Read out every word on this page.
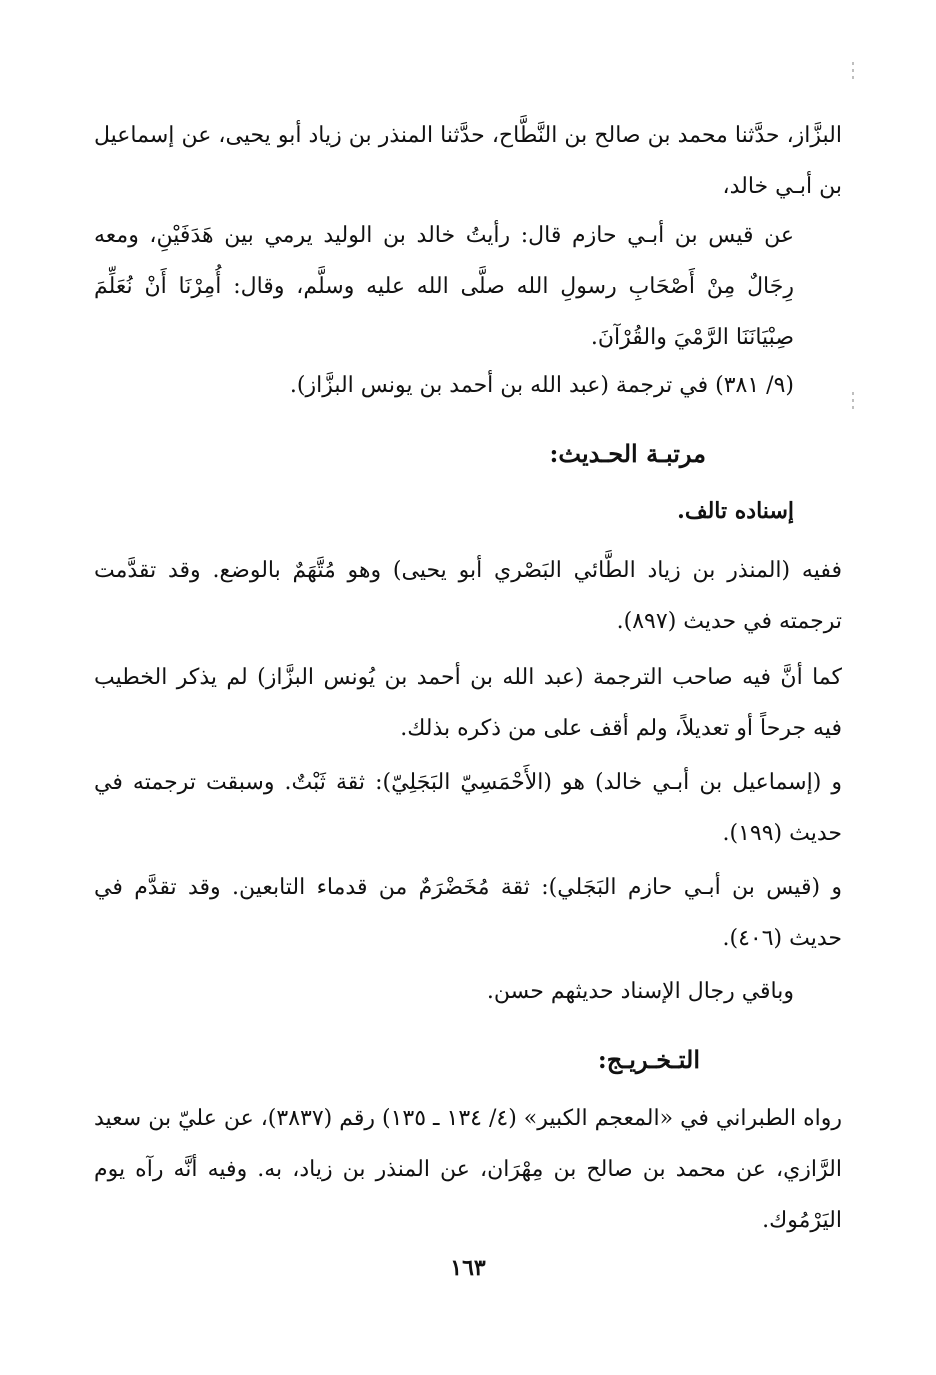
البزَّاز، حدَّثنا محمد بن صالح بن النَّطَّاح، حدَّثنا المنذر بن زياد أبو يحيى، عن إسماعيل بن أبـي خالد،

عن قيس بن أبـي حازم قال: رأيتُ خالد بن الوليد يرمي بين هَدَفَيْنِ، ومعه رِجَالٌ مِنْ أَصْحَابِ رسولِ الله صلَّى الله عليه وسلَّم، وقال: أُمِرْنَا أَنْ نُعَلِّمَ صِبْيَانَنَا الرَّمْيَ والقُرْآنَ.

(٩/ ٣٨١) في ترجمة (عبد الله بن أحمد بن يونس البزَّاز).

مرتبـة الحـديث:

إسناده تالف.

ففيه (المنذر بن زياد الطَّائي البَصْري أبو يحيى) وهو مُتَّهَمٌ بالوضع. وقد تقدَّمت ترجمته في حديث (٨٩٧).

كما أنَّ فيه صاحب الترجمة (عبد الله بن أحمد بن يُونس البزَّاز) لم يذكر الخطيب فيه جرحاً أو تعديلاً، ولم أقف على من ذكره بذلك.

و (إسماعيل بن أبـي خالد) هو (الأَحْمَسِيّ البَجَلِيّ): ثقة ثَبْتٌ. وسبقت ترجمته في حديث (١٩٩).

و (قيس بن أبـي حازم البَجَلي): ثقة مُخَضْرَمٌ من قدماء التابعين. وقد تقدَّم في حديث (٤٠٦).

وباقي رجال الإسناد حديثهم حسن.

التـخـريـج:

رواه الطبراني في «المعجم الكبير» (٤/ ١٣٤ ـ ١٣٥) رقم (٣٨٣٧)، عن عليّ بن سعيد الرَّازي، عن محمد بن صالح بن مِهْرَان، عن المنذر بن زياد، به. وفيه أنَّه رآه يوم اليَرْمُوك.

١٦٣
